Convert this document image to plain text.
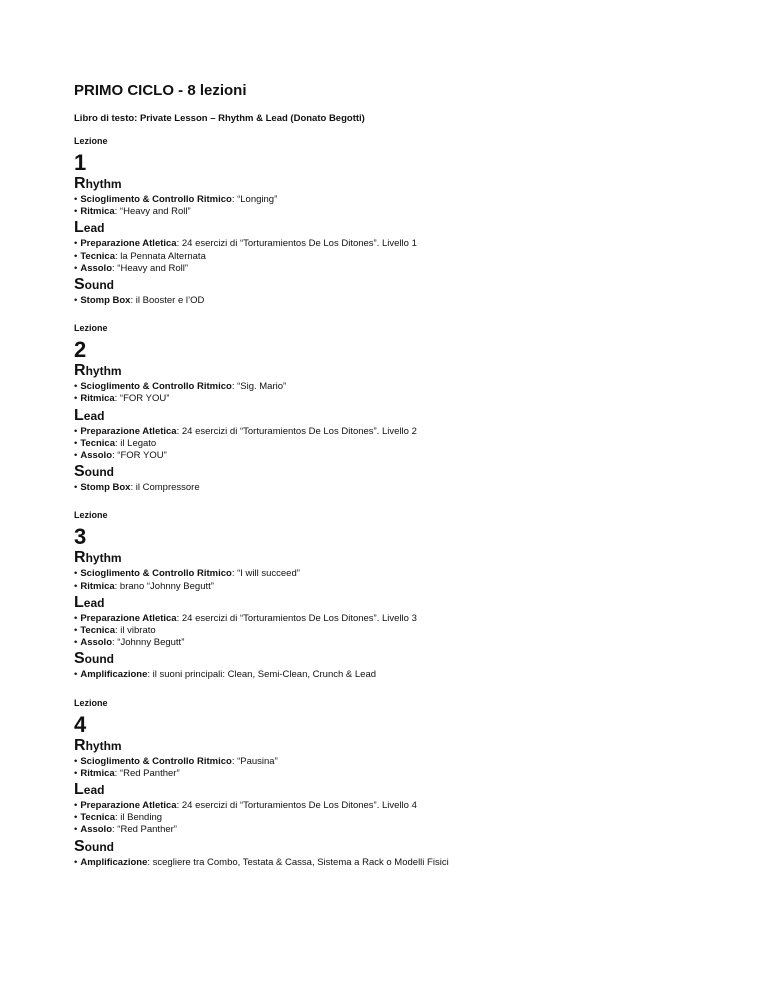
PRIMO CICLO - 8 lezioni
Libro di testo: Private Lesson – Rhythm & Lead (Donato Begotti)
Lezione
1
Rhythm
• Scioglimento & Controllo Ritmico: “Longing”
• Ritmica: “Heavy and Roll”
Lead
• Preparazione Atletica: 24 esercizi di “Torturamientos De Los Ditones”. Livello 1
• Tecnica: la Pennata Alternata
• Assolo: “Heavy and Roll”
Sound
• Stomp Box: il Booster e l’OD
Lezione
2
Rhythm
• Scioglimento & Controllo Ritmico: “Sig. Mario”
• Ritmica: “FOR YOU”
Lead
• Preparazione Atletica: 24 esercizi di “Torturamientos De Los Ditones”. Livello 2
• Tecnica: il Legato
• Assolo: “FOR YOU”
Sound
• Stomp Box: il Compressore
Lezione
3
Rhythm
• Scioglimento & Controllo Ritmico: “I will succeed”
• Ritmica: brano “Johnny Begutt”
Lead
• Preparazione Atletica: 24 esercizi di “Torturamientos De Los Ditones”. Livello 3
• Tecnica: il vibrato
• Assolo: “Johnny Begutt”
Sound
• Amplificazione: il suoni principali: Clean, Semi-Clean, Crunch & Lead
Lezione
4
Rhythm
• Scioglimento & Controllo Ritmico: “Pausina”
• Ritmica: “Red Panther”
Lead
• Preparazione Atletica: 24 esercizi di “Torturamientos De Los Ditones”. Livello 4
• Tecnica: il Bending
• Assolo: “Red Panther”
Sound
• Amplificazione: scegliere tra Combo, Testata & Cassa, Sistema a Rack o Modelli Fisici
